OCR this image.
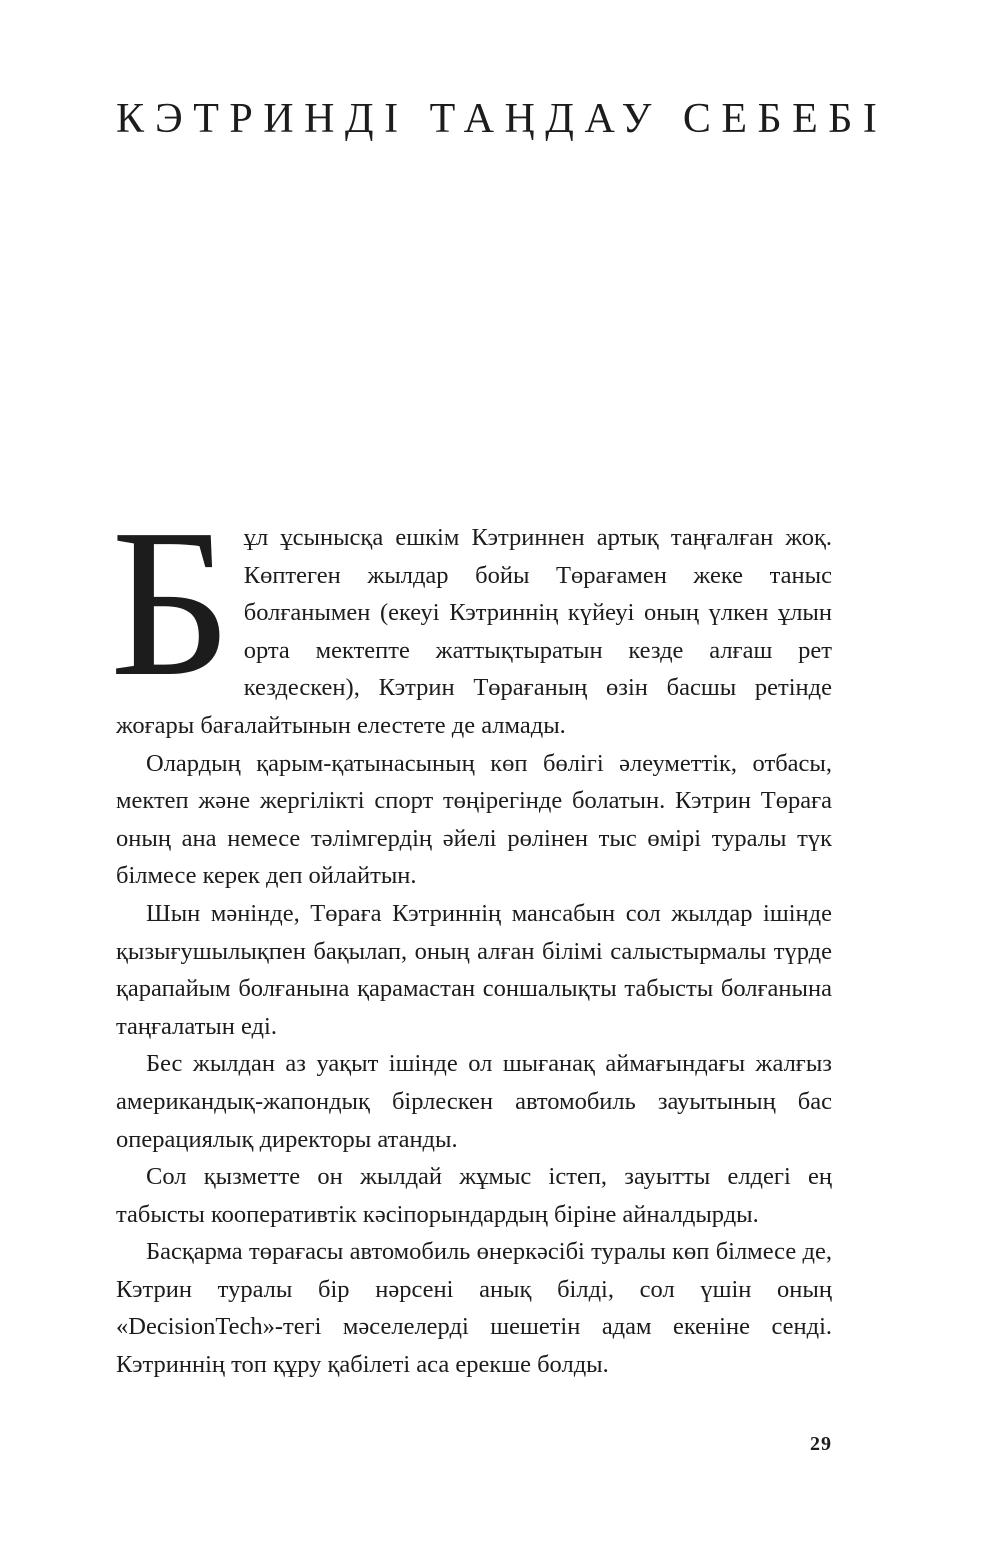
КЭТРИНДІ ТАҢДАУ СЕБЕБІ

Бұл ұсынысқа ешкім Кэтриннен артық таңғалған жоқ. Көптеген жылдар бойы Төрағамен жеке таныс болғанымен (екеуі Кэтриннің күйеуі оның үлкен ұлын орта мектепте жаттықтыратын кезде алғаш рет кездескен), Кэтрин Төрағаның өзін басшы ретінде жоғары бағалайтынын елестете де алмады.

Олардың қарым-қатынасының көп бөлігі әлеуметтік, отбасы, мектеп және жергілікті спорт төңірегінде болатын. Кэтрин Төраға оның ана немесе тәлімгердің әйелі рөлінен тыс өмірі туралы түк білмесе керек деп ойлайтын.

Шын мәнінде, Төраға Кэтриннің мансабын сол жылдар ішінде қызығушылықпен бақылап, оның алған білімі салыстырмалы түрде қарапайым болғанына қарамастан соншалықты табысты болғанына таңғалатын еді.

Бес жылдан аз уақыт ішінде ол шығанақ аймағындағы жалғыз американдық-жапондық бірлескен автомобиль зауытының бас операциялық директоры атанды.

Сол қызметте он жылдай жұмыс істеп, зауытты елдегі ең табысты кооперативтік кәсіпорындардың біріне айналдырды.

Басқарма төрағасы автомобиль өнеркәсібі туралы көп білмесе де, Кэтрин туралы бір нәрсені анық білді, сол үшін оның «DecisionTech»-тегі мәселелерді шешетін адам екеніне сенді. Кэтриннің топ құру қабілеті аса ерекше болды.

29
